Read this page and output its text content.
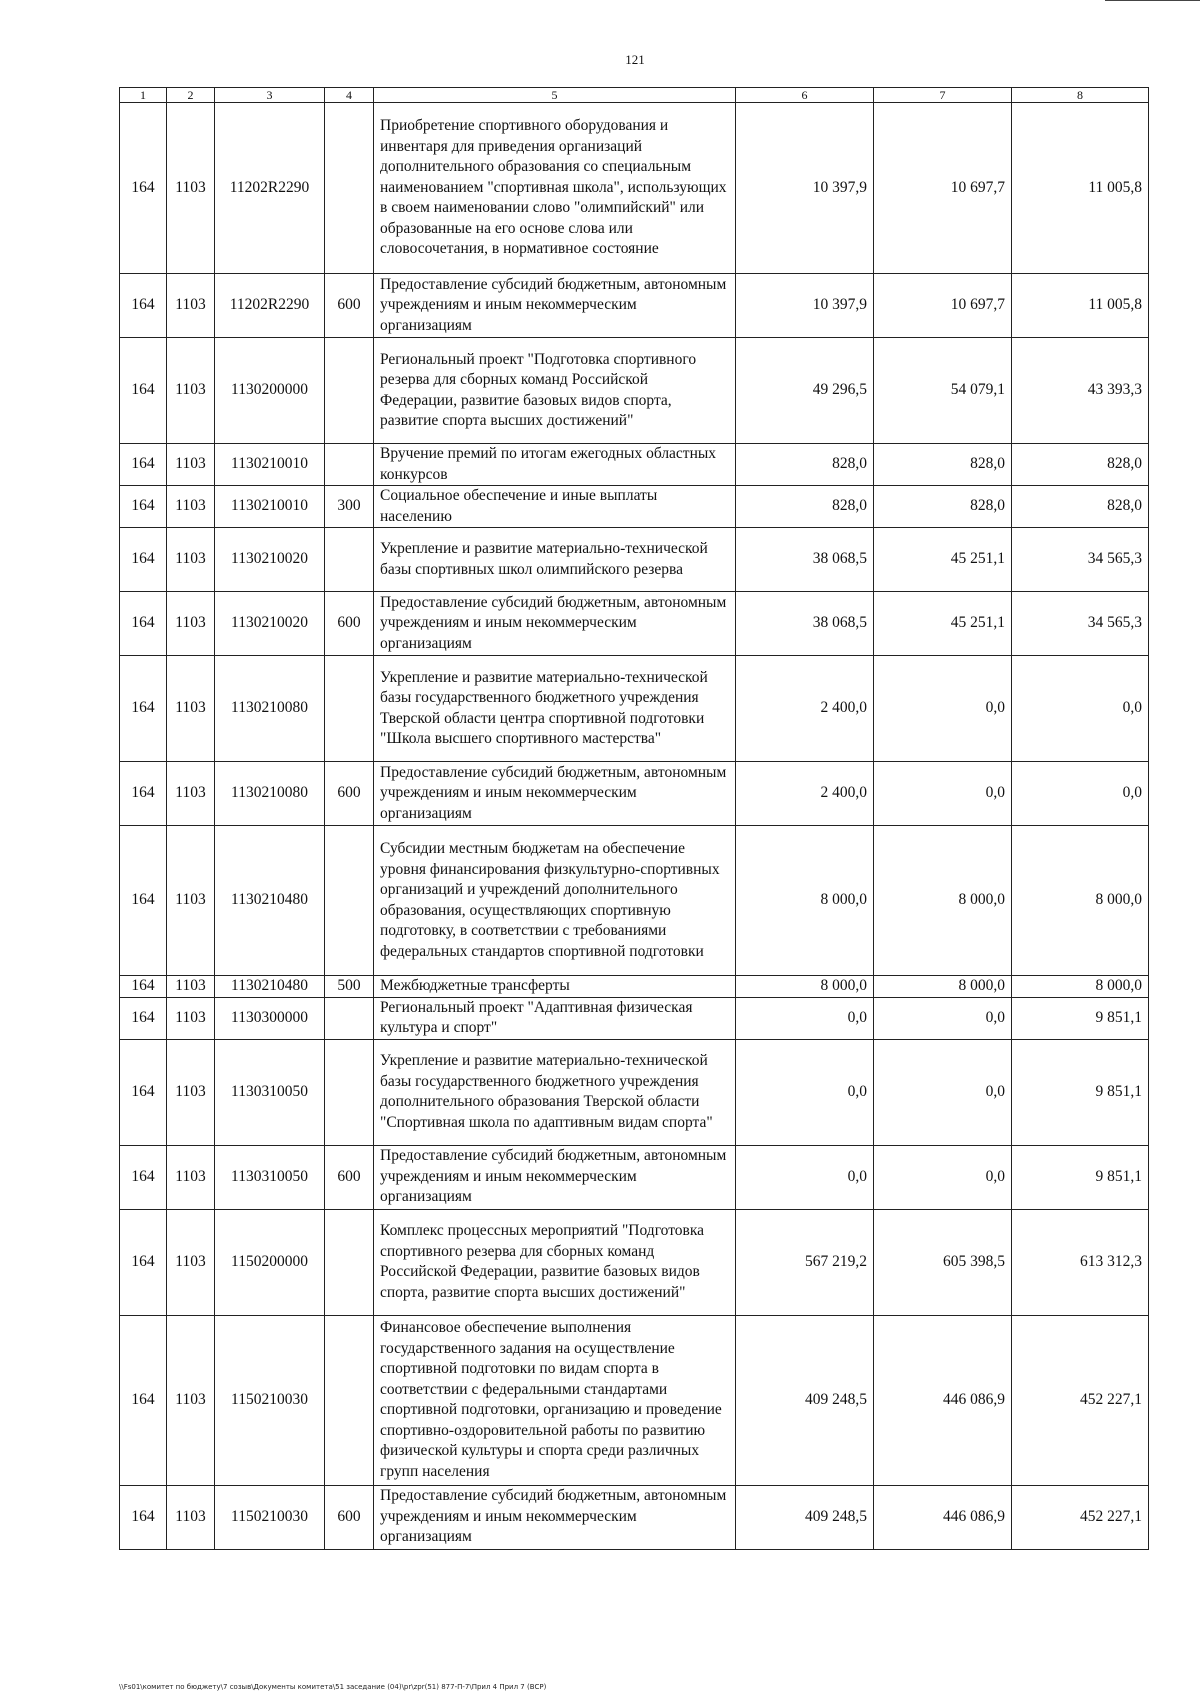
121
1	2	3	4	5	6	7	8
164	1103	11202R2290		Приобретение спортивного оборудования и инвентаря для приведения организаций дополнительного образования со специальным наименованием "спортивная школа", использующих в своем наименовании слово "олимпийский" или образованные на его основе слова или словосочетания, в нормативное состояние	10 397,9	10 697,7	11 005,8
164	1103	11202R2290	600	Предоставление субсидий бюджетным, автономным учреждениям и иным некоммерческим организациям	10 397,9	10 697,7	11 005,8
164	1103	1130200000		Региональный проект "Подготовка спортивного резерва для сборных команд Российской Федерации, развитие базовых видов спорта, развитие спорта высших достижений"	49 296,5	54 079,1	43 393,3
164	1103	1130210010		Вручение премий по итогам ежегодных областных конкурсов	828,0	828,0	828,0
164	1103	1130210010	300	Социальное обеспечение и иные выплаты населению	828,0	828,0	828,0
164	1103	1130210020		Укрепление и развитие материально-технической базы спортивных школ олимпийского резерва	38 068,5	45 251,1	34 565,3
164	1103	1130210020	600	Предоставление субсидий бюджетным, автономным учреждениям и иным некоммерческим организациям	38 068,5	45 251,1	34 565,3
164	1103	1130210080		Укрепление и развитие материально-технической базы государственного бюджетного учреждения Тверской области центра спортивной подготовки "Школа высшего спортивного мастерства"	2 400,0	0,0	0,0
164	1103	1130210080	600	Предоставление субсидий бюджетным, автономным учреждениям и иным некоммерческим организациям	2 400,0	0,0	0,0
164	1103	1130210480		Субсидии местным бюджетам на обеспечение уровня финансирования физкультурно-спортивных организаций и учреждений дополнительного образования, осуществляющих спортивную подготовку, в соответствии с требованиями федеральных стандартов спортивной подготовки	8 000,0	8 000,0	8 000,0
164	1103	1130210480	500	Межбюджетные трансферты	8 000,0	8 000,0	8 000,0
164	1103	1130300000		Региональный проект "Адаптивная физическая культура и спорт"	0,0	0,0	9 851,1
164	1103	1130310050		Укрепление и развитие материально-технической базы государственного бюджетного учреждения дополнительного образования Тверской области "Спортивная школа по адаптивным видам спорта"	0,0	0,0	9 851,1
164	1103	1130310050	600	Предоставление субсидий бюджетным, автономным учреждениям и иным некоммерческим организациям	0,0	0,0	9 851,1
164	1103	1150200000		Комплекс процессных мероприятий "Подготовка спортивного резерва для сборных команд Российской Федерации, развитие базовых видов спорта, развитие спорта высших достижений"	567 219,2	605 398,5	613 312,3
164	1103	1150210030		Финансовое обеспечение выполнения государственного задания на осуществление спортивной подготовки по видам спорта в соответствии с федеральными стандартами спортивной подготовки, организацию и проведение спортивно-оздоровительной работы по развитию физической культуры и спорта среди различных групп населения	409 248,5	446 086,9	452 227,1
164	1103	1150210030	600	Предоставление субсидий бюджетным, автономным учреждениям и иным некоммерческим организациям	409 248,5	446 086,9	452 227,1
\\Fs01\комитет по бюджету\7 созыв\Документы комитета\51 заседание (04)\pr\zpr(51) 877-П-7\Прил 4 Прил 7 (ВСР)
